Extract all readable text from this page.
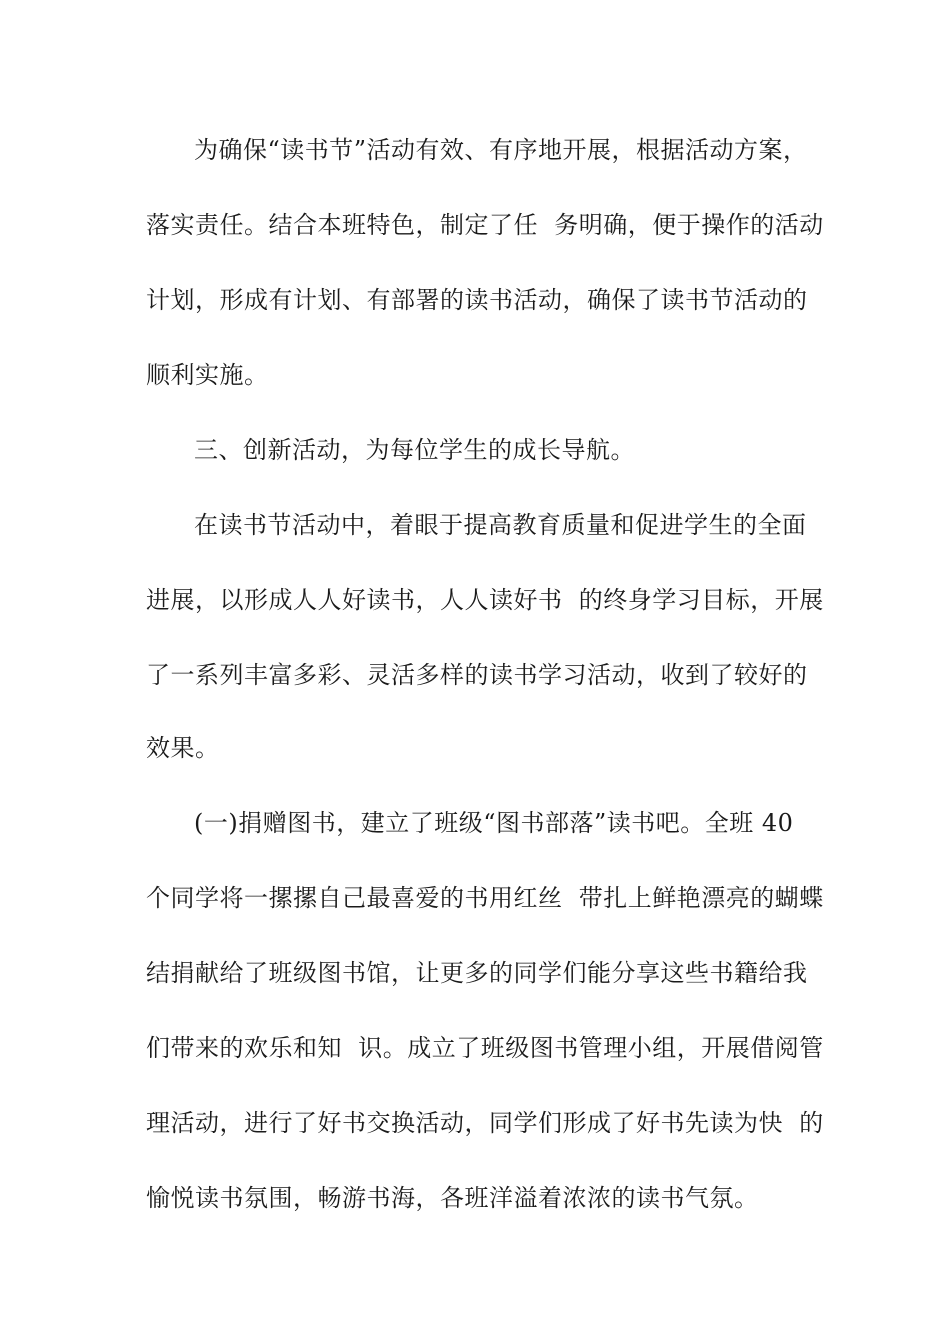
为确保“读书节”活动有效、有序地开展，根据活动方案，
落实责任。结合本班特色，制定了任  务明确，便于操作的活动
计划，形成有计划、有部署的读书活动，确保了读书节活动的
顺利实施。
三、创新活动，为每位学生的成长导航。
在读书节活动中，着眼于提高教育质量和促进学生的全面
进展，以形成人人好读书，人人读好书  的终身学习目标，开展
了一系列丰富多彩、灵活多样的读书学习活动，收到了较好的
效果。
(一)捐赠图书，建立了班级“图书部落”读书吧。全班 40
个同学将一摞摞自己最喜爱的书用红丝  带扎上鲜艳漂亮的蝴蝶
结捐献给了班级图书馆，让更多的同学们能分享这些书籍给我
们带来的欢乐和知  识。成立了班级图书管理小组，开展借阅管
理活动，进行了好书交换活动，同学们形成了好书先读为快  的
愉悦读书氛围，畅游书海，各班洋溢着浓浓的读书气氛。
